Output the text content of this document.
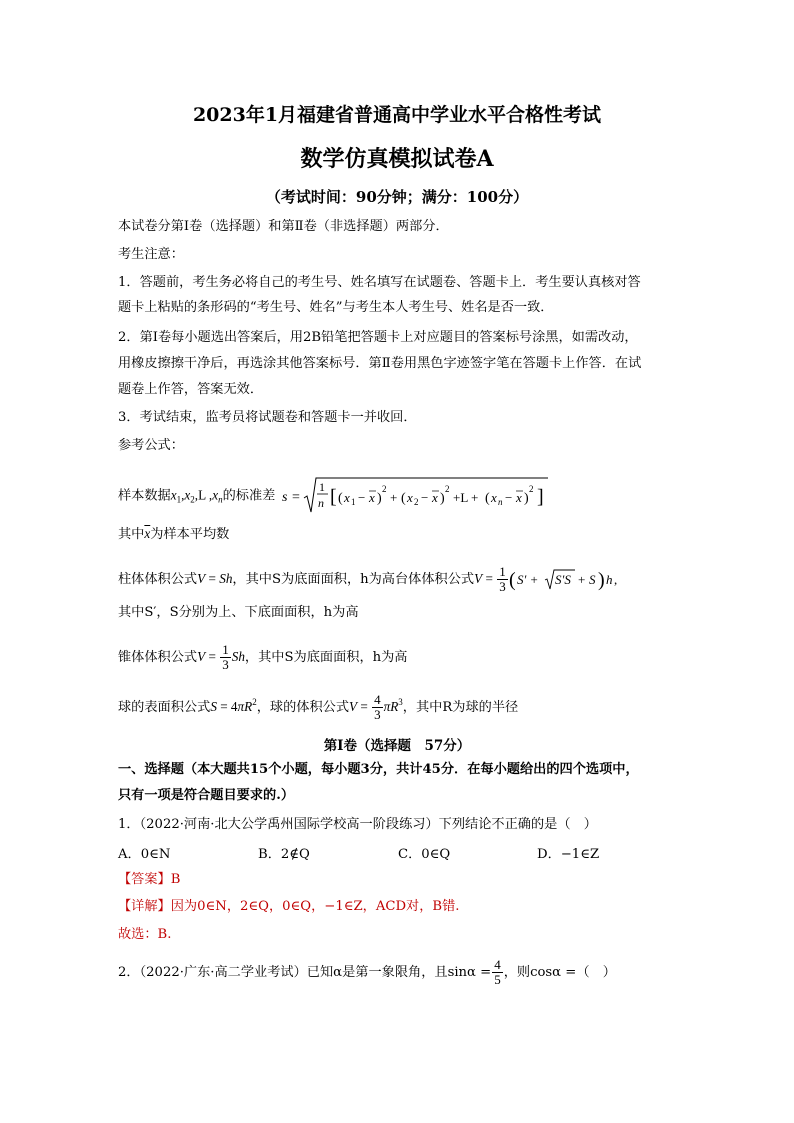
2023年1月福建省普通高中学业水平合格性考试
数学仿真模拟试卷A
（考试时间：90分钟；满分：100分）
本试卷分第Ⅰ卷（选择题）和第Ⅱ卷（非选择题）两部分．
考生注意：
1．答题前，考生务必将自己的考生号、姓名填写在试题卷、答题卡上．考生要认真核对答
题卡上粘贴的条形码的“考生号、姓名”与考生本人考生号、姓名是否一致．
2．第Ⅰ卷每小题选出答案后，用2B铅笔把答题卡上对应题目的答案标号涂黑，如需改动，
用橡皮擦擦干净后，再选涂其他答案标号．第Ⅱ卷用黑色字迹签字笔在答题卡上作答．在试
题卷上作答，答案无效．
3．考试结束，监考员将试题卷和答题卡一并收回．
参考公式：
样本数据$x_1,x_2,L$ $,x_n$的标准差 s =
1
n [ ( x 1 − x )
2
+ ( x 2 − x )
2
+L + ( x n − x )
2 ]
其中$\overline{x}$为样本平均数
柱体体积公式V = Sh，其中S为底面面积，h为高台体体积公式$V = \frac{1}{3}$ ( S′ + S′S + S ) h ,
其中S′，S分别为上、下底面面积，h为高
锥体体积公式$V = \frac{1}{3}$ Sh，其中S为底面面积，h为高
球的表面积公式$S = 4\pi R^2$，球的体积公式$V = \frac{4}{3} \pi R^3$，其中R为球的半径
第Ⅰ卷（选择题　57分）
一、选择题（本大题共15个小题，每小题3分，共计45分．在每小题给出的四个选项中，
只有一项是符合题目要求的.）
1．（2022·河南·北大公学禹州国际学校高一阶段练习）下列结论不正确的是（　）
A．0∈N	B．2∉Q	C．0∈Q	D．−1∈Z
【答案】B
【详解】因为0∈N，2∈Q，0∈Q，−1∈Z，ACD对，B错.
故选：B.
2．（2022·广东·高二学业考试）已知α是第一象限角，且$\sin\alpha = \frac{4}{5}$ ，则cosα =（　）
